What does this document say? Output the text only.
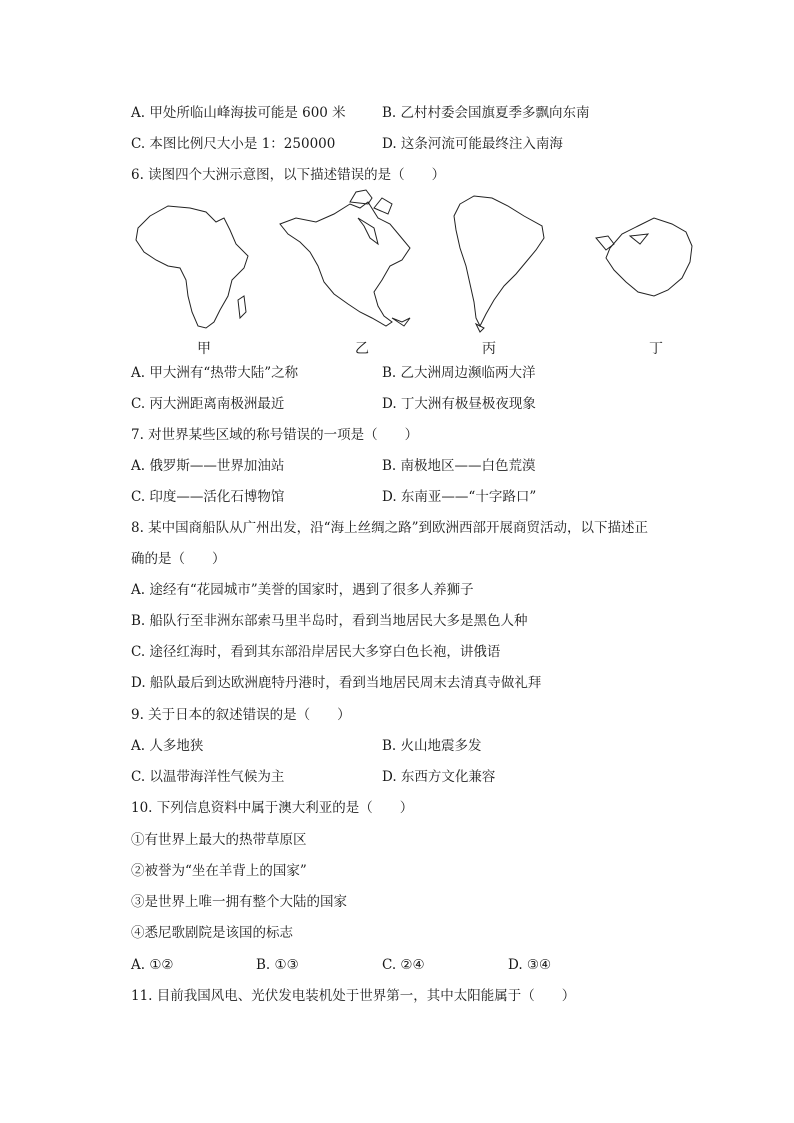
A. 甲处所临山峰海拔可能是 600 米	B. 乙村村委会国旗夏季多飘向东南
C. 本图比例尺大小是 1：250000	D. 这条河流可能最终注入南海
6. 读图四个大洲示意图，以下描述错误的是（　　）
甲	乙	丙	丁
A. 甲大洲有“热带大陆”之称	B. 乙大洲周边濒临两大洋
C. 丙大洲距离南极洲最近	D. 丁大洲有极昼极夜现象
7. 对世界某些区域的称号错误的一项是（　　）
A. 俄罗斯——世界加油站	B. 南极地区——白色荒漠
C. 印度——活化石博物馆	D. 东南亚——“十字路口”
8. 某中国商船队从广州出发，沿“海上丝绸之路”到欧洲西部开展商贸活动，以下描述正
确的是（　　）
A. 途经有“花园城市”美誉的国家时，遇到了很多人养狮子
B. 船队行至非洲东部索马里半岛时，看到当地居民大多是黑色人种
C. 途径红海时，看到其东部沿岸居民大多穿白色长袍，讲俄语
D. 船队最后到达欧洲鹿特丹港时，看到当地居民周末去清真寺做礼拜
9. 关于日本的叙述错误的是（　　）
A. 人多地狭	B. 火山地震多发
C. 以温带海洋性气候为主	D. 东西方文化兼容
10. 下列信息资料中属于澳大利亚的是（　　）
①有世界上最大的热带草原区
②被誉为“坐在羊背上的国家”
③是世界上唯一拥有整个大陆的国家
④悉尼歌剧院是该国的标志
A. ①②	B. ①③	C. ②④	D. ③④
11. 目前我国风电、光伏发电装机处于世界第一，其中太阳能属于（　　）
